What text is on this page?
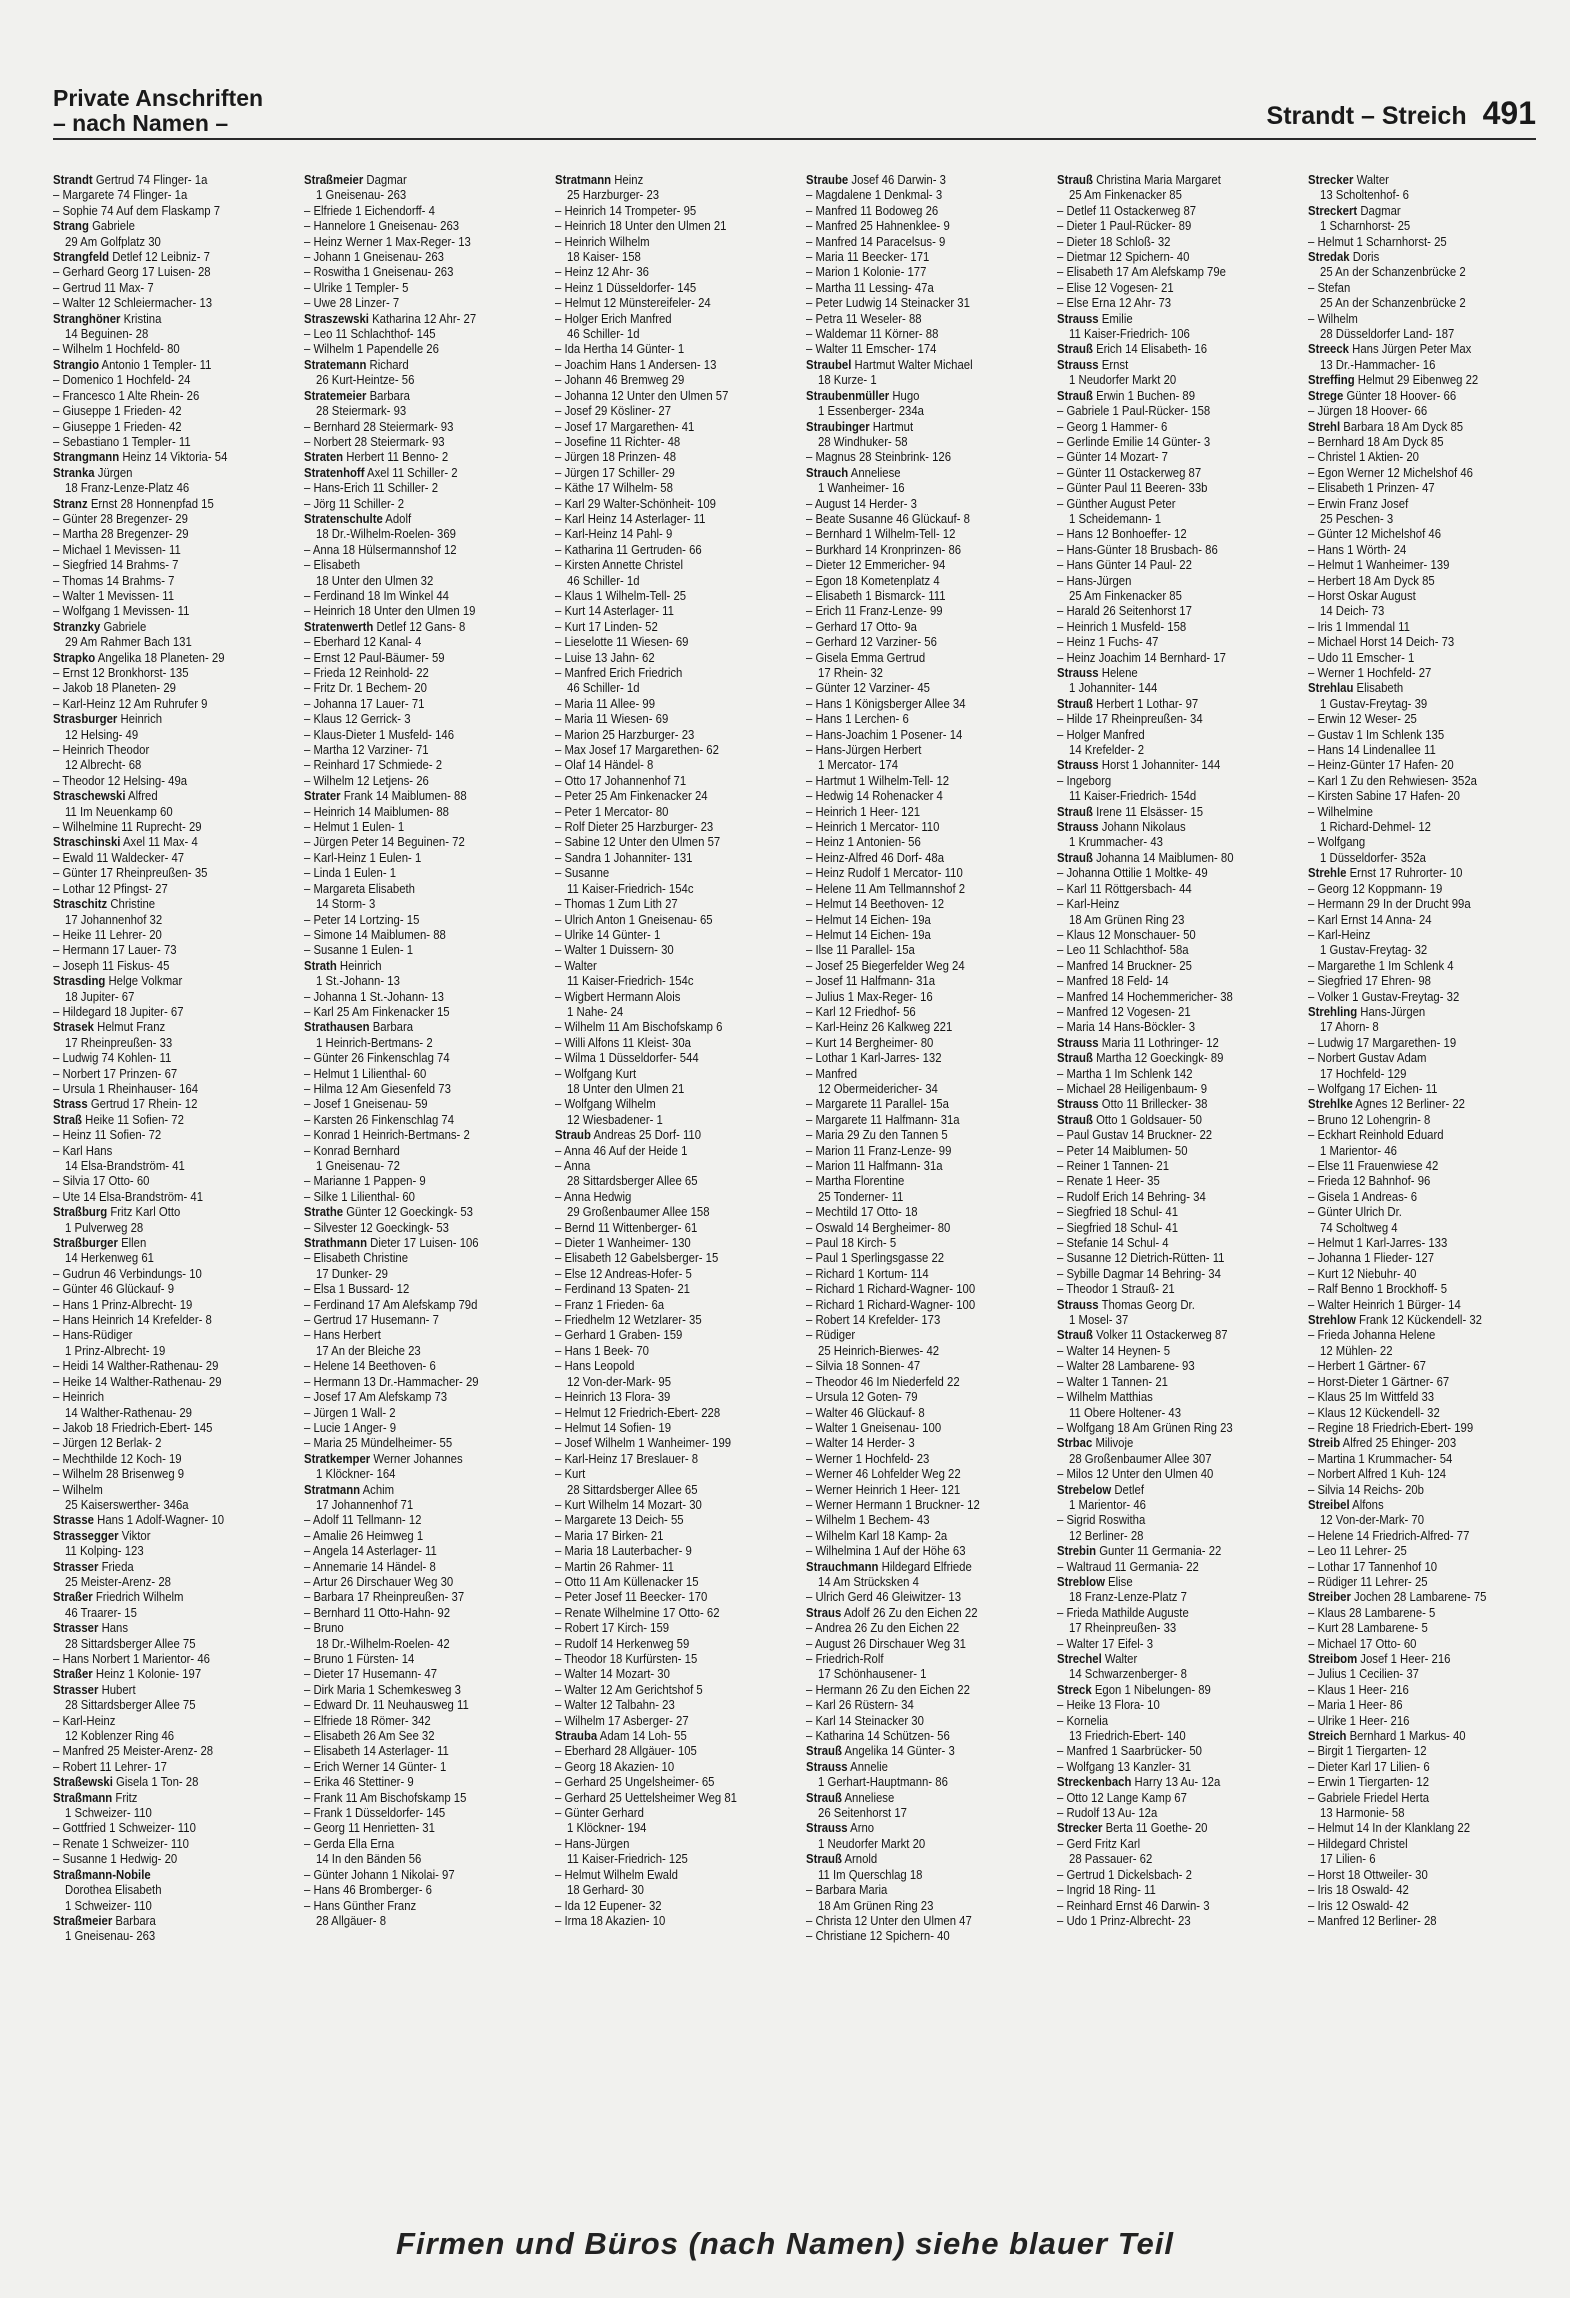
Private Anschriften
– nach Namen –	Strandt – Streich 491
Strandt Gertrud 74 Flinger- 1a
– Margarete 74 Flinger- 1a
– Sophie 74 Auf dem Flaskamp 7
Strang Gabriele
29 Am Golfplatz 30
Strangfeld Detlef 12 Leibniz- 7
– Gerhard Georg 17 Luisen- 28
– Gertrud 11 Max- 7
– Walter 12 Schleiermacher- 13
Stranghöner Kristina
14 Beguinen- 28
– Wilhelm 1 Hochfeld- 80
Strangio Antonio 1 Templer- 11
– Domenico 1 Hochfeld- 24
– Francesco 1 Alte Rhein- 26
– Giuseppe 1 Frieden- 42
– Giuseppe 1 Frieden- 42
– Sebastiano 1 Templer- 11
Strangmann Heinz 14 Viktoria- 54
Stranka Jürgen
18 Franz-Lenze-Platz 46
Stranz Ernst 28 Honnenpfad 15
– Günter 28 Bregenzer- 29
– Martha 28 Bregenzer- 29
– Michael 1 Mevissen- 11
– Siegfried 14 Brahms- 7
– Thomas 14 Brahms- 7
– Walter 1 Mevissen- 11
– Wolfgang 1 Mevissen- 11
Stranzky Gabriele
29 Am Rahmer Bach 131
Strapko Angelika 18 Planeten- 29
– Ernst 12 Bronkhorst- 135
– Jakob 18 Planeten- 29
– Karl-Heinz 12 Am Ruhrufer 9
Strasburger Heinrich
12 Helsing- 49
– Heinrich Theodor
12 Albrecht- 68
– Theodor 12 Helsing- 49a
Straschewski Alfred
11 Im Neuenkamp 60
– Wilhelmine 11 Ruprecht- 29
Straschinski Axel 11 Max- 4
– Ewald 11 Waldecker- 47
– Günter 17 Rheinpreußen- 35
– Lothar 12 Pfingst- 27
Straschitz Christine
17 Johannenhof 32
– Heike 11 Lehrer- 20
– Hermann 17 Lauer- 73
– Joseph 11 Fiskus- 45
Strasding Helge Volkmar
18 Jupiter- 67
– Hildegard 18 Jupiter- 67
Strasek Helmut Franz
17 Rheinpreußen- 33
– Ludwig 74 Kohlen- 11
– Norbert 17 Prinzen- 67
– Ursula 1 Rheinhauser- 164
Strass Gertrud 17 Rhein- 12
Straß Heike 11 Sofien- 72
– Heinz 11 Sofien- 72
– Karl Hans
14 Elsa-Brandström- 41
– Silvia 17 Otto- 60
– Ute 14 Elsa-Brandström- 41
Straßburg Fritz Karl Otto
1 Pulverweg 28
Straßburger Ellen
14 Herkenweg 61
– Gudrun 46 Verbindungs- 10
– Günter 46 Glückauf- 9
– Hans 1 Prinz-Albrecht- 19
– Hans Heinrich 14 Krefelder- 8
– Hans-Rüdiger
1 Prinz-Albrecht- 19
– Heidi 14 Walther-Rathenau- 29
– Heike 14 Walther-Rathenau- 29
– Heinrich
14 Walther-Rathenau- 29
– Jakob 18 Friedrich-Ebert- 145
– Jürgen 12 Berlak- 2
– Mechthilde 12 Koch- 19
– Wilhelm 28 Brisenweg 9
– Wilhelm
25 Kaiserswerther- 346a
Strasse Hans 1 Adolf-Wagner- 10
Strassegger Viktor
11 Kolping- 123
Strasser Frieda
25 Meister-Arenz- 28
Straßer Friedrich Wilhelm
46 Traarer- 15
Strasser Hans
28 Sittardsberger Allee 75
– Hans Norbert 1 Marientor- 46
Straßer Heinz 1 Kolonie- 197
Strasser Hubert
28 Sittardsberger Allee 75
– Karl-Heinz
12 Koblenzer Ring 46
– Manfred 25 Meister-Arenz- 28
– Robert 11 Lehrer- 17
Straßewski Gisela 1 Ton- 28
Straßmann Fritz
1 Schweizer- 110
– Gottfried 1 Schweizer- 110
– Renate 1 Schweizer- 110
– Susanne 1 Hedwig- 20
Straßmann-Nobile
Dorothea Elisabeth
1 Schweizer- 110
Straßmeier Barbara
1 Gneisenau- 263
Straßmeier Dagmar
1 Gneisenau- 263
– Elfriede 1 Eichendorff- 4
– Hannelore 1 Gneisenau- 263
– Heinz Werner 1 Max-Reger- 13
– Johann 1 Gneisenau- 263
– Roswitha 1 Gneisenau- 263
– Ulrike 1 Templer- 5
– Uwe 28 Linzer- 7
Straszewski Katharina 12 Ahr- 27
– Leo 11 Schlachthof- 145
– Wilhelm 1 Papendelle 26
Stratemann Richard
26 Kurt-Heintze- 56
Stratemeier Barbara
28 Steiermark- 93
– Bernhard 28 Steiermark- 93
– Norbert 28 Steiermark- 93
Straten Herbert 11 Benno- 2
Stratenhoff Axel 11 Schiller- 2
– Hans-Erich 11 Schiller- 2
– Jörg 11 Schiller- 2
Stratenschulte Adolf
18 Dr.-Wilhelm-Roelen- 369
– Anna 18 Hülsermannshof 12
– Elisabeth
18 Unter den Ulmen 32
– Ferdinand 18 Im Winkel 44
– Heinrich 18 Unter den Ulmen 19
Stratenwerth Detlef 12 Gans- 8
– Eberhard 12 Kanal- 4
– Ernst 12 Paul-Bäumer- 59
– Frieda 12 Reinhold- 22
– Fritz Dr. 1 Bechem- 20
– Johanna 17 Lauer- 71
– Klaus 12 Gerrick- 3
– Klaus-Dieter 1 Musfeld- 146
– Martha 12 Varziner- 71
– Reinhard 17 Schmiede- 2
– Wilhelm 12 Letjens- 26
Strater Frank 14 Maiblumen- 88
– Heinrich 14 Maiblumen- 88
– Helmut 1 Eulen- 1
– Jürgen Peter 14 Beguinen- 72
– Karl-Heinz 1 Eulen- 1
– Linda 1 Eulen- 1
– Margareta Elisabeth
14 Storm- 3
– Peter 14 Lortzing- 15
– Simone 14 Maiblumen- 88
– Susanne 1 Eulen- 1
Strath Heinrich
1 St.-Johann- 13
– Johanna 1 St.-Johann- 13
– Karl 25 Am Finkenacker 15
Strathausen Barbara
1 Heinrich-Bertmans- 2
– Günter 26 Finkenschlag 74
– Helmut 1 Lilienthal- 60
– Hilma 12 Am Giesenfeld 73
– Josef 1 Gneisenau- 59
– Karsten 26 Finkenschlag 74
– Konrad 1 Heinrich-Bertmans- 2
– Konrad Bernhard
1 Gneisenau- 72
– Marianne 1 Pappen- 9
– Silke 1 Lilienthal- 60
Strathe Günter 12 Goeckingk- 53
– Silvester 12 Goeckingk- 53
Strathmann Dieter 17 Luisen- 106
– Elisabeth Christine
17 Dunker- 29
– Elsa 1 Bussard- 12
– Ferdinand 17 Am Alefskamp 79d
– Gertrud 17 Husemann- 7
– Hans Herbert
17 An der Bleiche 23
– Helene 14 Beethoven- 6
– Hermann 13 Dr.-Hammacher- 29
– Josef 17 Am Alefskamp 73
– Jürgen 1 Wall- 2
– Lucie 1 Anger- 9
– Maria 25 Mündelheimer- 55
Stratkemper Werner Johannes
1 Klöckner- 164
Stratmann Achim
17 Johannenhof 71
– Adolf 11 Tellmann- 12
– Amalie 26 Heimweg 1
– Angela 14 Asterlager- 11
– Annemarie 14 Händel- 8
– Artur 26 Dirschauer Weg 30
– Barbara 17 Rheinpreußen- 37
– Bernhard 11 Otto-Hahn- 92
– Bruno
18 Dr.-Wilhelm-Roelen- 42
– Bruno 1 Fürsten- 14
– Dieter 17 Husemann- 47
– Dirk Maria 1 Schemkesweg 3
– Edward Dr. 11 Neuhausweg 11
– Elfriede 18 Römer- 342
– Elisabeth 26 Am See 32
– Elisabeth 14 Asterlager- 11
– Erich Werner 14 Günter- 1
– Erika 46 Stettiner- 9
– Frank 11 Am Bischofskamp 15
– Frank 1 Düsseldorfer- 145
– Georg 11 Henrietten- 31
– Gerda Ella Erna
14 In den Bänden 56
– Günter Johann 1 Nikolai- 97
– Hans 46 Bromberger- 6
– Hans Günther Franz
28 Allgäuer- 8
Stratmann Heinz
25 Harzburger- 23
– Heinrich 14 Trompeter- 95
– Heinrich 18 Unter den Ulmen 21
– Heinrich Wilhelm
18 Kaiser- 158
– Heinz 12 Ahr- 36
– Heinz 1 Düsseldorfer- 145
– Helmut 12 Münstereifeler- 24
– Holger Erich Manfred
46 Schiller- 1d
– Ida Hertha 14 Günter- 1
– Joachim Hans 1 Andersen- 13
– Johann 46 Bremweg 29
– Johanna 12 Unter den Ulmen 57
– Josef 29 Kösliner- 27
– Josef 17 Margarethen- 41
– Josefine 11 Richter- 48
– Jürgen 18 Prinzen- 48
– Jürgen 17 Schiller- 29
– Käthe 17 Wilhelm- 58
– Karl 29 Walter-Schönheit- 109
– Karl Heinz 14 Asterlager- 11
– Karl-Heinz 14 Pahl- 9
– Katharina 11 Gertruden- 66
– Kirsten Annette Christel
46 Schiller- 1d
– Klaus 1 Wilhelm-Tell- 25
– Kurt 14 Asterlager- 11
– Kurt 17 Linden- 52
– Lieselotte 11 Wiesen- 69
– Luise 13 Jahn- 62
– Manfred Erich Friedrich
46 Schiller- 1d
– Maria 11 Allee- 99
– Maria 11 Wiesen- 69
– Marion 25 Harzburger- 23
– Max Josef 17 Margarethen- 62
– Olaf 14 Händel- 8
– Otto 17 Johannenhof 71
– Peter 25 Am Finkenacker 24
– Peter 1 Mercator- 80
– Rolf Dieter 25 Harzburger- 23
– Sabine 12 Unter den Ulmen 57
– Sandra 1 Johanniter- 131
– Susanne
11 Kaiser-Friedrich- 154c
– Thomas 1 Zum Lith 27
– Ulrich Anton 1 Gneisenau- 65
– Ulrike 14 Günter- 1
– Walter 1 Duissern- 30
– Walter
11 Kaiser-Friedrich- 154c
– Wigbert Hermann Alois
1 Nahe- 24
– Wilhelm 11 Am Bischofskamp 6
– Willi Alfons 11 Kleist- 30a
– Wilma 1 Düsseldorfer- 544
– Wolfgang Kurt
18 Unter den Ulmen 21
– Wolfgang Wilhelm
12 Wiesbadener- 1
Straub Andreas 25 Dorf- 110
– Anna 46 Auf der Heide 1
– Anna
28 Sittardsberger Allee 65
– Anna Hedwig
29 Großenbaumer Allee 158
– Bernd 11 Wittenberger- 61
– Dieter 1 Wanheimer- 130
– Elisabeth 12 Gabelsberger- 15
– Else 12 Andreas-Hofer- 5
– Ferdinand 13 Spaten- 21
– Franz 1 Frieden- 6a
– Friedhelm 12 Wetzlarer- 35
– Gerhard 1 Graben- 159
– Hans 1 Beek- 70
– Hans Leopold
12 Von-der-Mark- 95
– Heinrich 13 Flora- 39
– Helmut 12 Friedrich-Ebert- 228
– Helmut 14 Sofien- 19
– Josef Wilhelm 1 Wanheimer- 199
– Karl-Heinz 17 Breslauer- 8
– Kurt
28 Sittardsberger Allee 65
– Kurt Wilhelm 14 Mozart- 30
– Margarete 13 Deich- 55
– Maria 17 Birken- 21
– Maria 18 Lauterbacher- 9
– Martin 26 Rahmer- 11
– Otto 11 Am Küllenacker 15
– Peter Josef 11 Beecker- 170
– Renate Wilhelmine 17 Otto- 62
– Robert 17 Kirch- 159
– Rudolf 14 Herkenweg 59
– Theodor 18 Kurfürsten- 15
– Walter 14 Mozart- 30
– Walter 12 Am Gerichtshof 5
– Walter 12 Talbahn- 23
– Wilhelm 17 Asberger- 27
Strauba Adam 14 Loh- 55
– Eberhard 28 Allgäuer- 105
– Georg 18 Akazien- 10
– Gerhard 25 Ungelsheimer- 65
– Gerhard 25 Uettelsheimer Weg 81
– Günter Gerhard
1 Klöckner- 194
– Hans-Jürgen
11 Kaiser-Friedrich- 125
– Helmut Wilhelm Ewald
18 Gerhard- 30
– Ida 12 Eupener- 32
– Irma 18 Akazien- 10
Straube Josef 46 Darwin- 3
– Magdalene 1 Denkmal- 3
– Manfred 11 Bodoweg 26
– Manfred 25 Hahnenklee- 9
– Manfred 14 Paracelsus- 9
– Maria 11 Beecker- 171
– Marion 1 Kolonie- 177
– Martha 11 Lessing- 47a
– Peter Ludwig 14 Steinacker 31
– Petra 11 Weseler- 88
– Waldemar 11 Körner- 88
– Walter 11 Emscher- 174
Straubel Hartmut Walter Michael
18 Kurze- 1
Straubenmüller Hugo
1 Essenberger- 234a
Straubinger Hartmut
28 Windhuker- 58
– Magnus 28 Steinbrink- 126
Strauch Anneliese
1 Wanheimer- 16
– August 14 Herder- 3
– Beate Susanne 46 Glückauf- 8
– Bernhard 1 Wilhelm-Tell- 12
– Burkhard 14 Kronprinzen- 86
– Dieter 12 Emmericher- 94
– Egon 18 Kometenplatz 4
– Elisabeth 1 Bismarck- 111
– Erich 11 Franz-Lenze- 99
– Gerhard 17 Otto- 9a
– Gerhard 12 Varziner- 56
– Gisela Emma Gertrud
17 Rhein- 32
– Günter 12 Varziner- 45
– Hans 1 Königsberger Allee 34
– Hans 1 Lerchen- 6
– Hans-Joachim 1 Posener- 14
– Hans-Jürgen Herbert
1 Mercator- 174
– Hartmut 1 Wilhelm-Tell- 12
– Hedwig 14 Rohenacker 4
– Heinrich 1 Heer- 121
– Heinrich 1 Mercator- 110
– Heinz 1 Antonien- 56
– Heinz-Alfred 46 Dorf- 48a
– Heinz Rudolf 1 Mercator- 110
– Helene 11 Am Tellmannshof 2
– Helmut 14 Beethoven- 12
– Helmut 14 Eichen- 19a
– Helmut 14 Eichen- 19a
– Ilse 11 Parallel- 15a
– Josef 25 Biegerfelder Weg 24
– Josef 11 Halfmann- 31a
– Julius 1 Max-Reger- 16
– Karl 12 Friedhof- 56
– Karl-Heinz 26 Kalkweg 221
– Kurt 14 Bergheimer- 80
– Lothar 1 Karl-Jarres- 132
– Manfred
12 Obermeidericher- 34
– Margarete 11 Parallel- 15a
– Margarete 11 Halfmann- 31a
– Maria 29 Zu den Tannen 5
– Marion 11 Franz-Lenze- 99
– Marion 11 Halfmann- 31a
– Martha Florentine
25 Tonderner- 11
– Mechtild 17 Otto- 18
– Oswald 14 Bergheimer- 80
– Paul 18 Kirch- 5
– Paul 1 Sperlingsgasse 22
– Richard 1 Kortum- 114
– Richard 1 Richard-Wagner- 100
– Richard 1 Richard-Wagner- 100
– Robert 14 Krefelder- 173
– Rüdiger
25 Heinrich-Bierwes- 42
– Silvia 18 Sonnen- 47
– Theodor 46 Im Niederfeld 22
– Ursula 12 Goten- 79
– Walter 46 Glückauf- 8
– Walter 1 Gneisenau- 100
– Walter 14 Herder- 3
– Werner 1 Hochfeld- 23
– Werner 46 Lohfelder Weg 22
– Werner Heinrich 1 Heer- 121
– Werner Hermann 1 Bruckner- 12
– Wilhelm 1 Bechem- 43
– Wilhelm Karl 18 Kamp- 2a
– Wilhelmina 1 Auf der Höhe 63
Strauchmann Hildegard Elfriede
14 Am Strücksken 4
– Ulrich Gerd 46 Gleiwitzer- 13
Straus Adolf 26 Zu den Eichen 22
– Andrea 26 Zu den Eichen 22
– August 26 Dirschauer Weg 31
– Friedrich-Rolf
17 Schönhausener- 1
– Hermann 26 Zu den Eichen 22
– Karl 26 Rüstern- 34
– Karl 14 Steinacker 30
– Katharina 14 Schützen- 56
Strauß Angelika 14 Günter- 3
Strauss Annelie
1 Gerhart-Hauptmann- 86
Strauß Anneliese
26 Seitenhorst 17
Strauss Arno
1 Neudorfer Markt 20
Strauß Arnold
11 Im Querschlag 18
– Barbara Maria
18 Am Grünen Ring 23
– Christa 12 Unter den Ulmen 47
– Christiane 12 Spichern- 40
Strauß Christina Maria Margaret
25 Am Finkenacker 85
– Detlef 11 Ostackerweg 87
– Dieter 1 Paul-Rücker- 89
– Dieter 18 Schloß- 32
– Dietmar 12 Spichern- 40
– Elisabeth 17 Am Alefskamp 79e
– Elise 12 Vogesen- 21
– Else Erna 12 Ahr- 73
Strauss Emilie
11 Kaiser-Friedrich- 106
Strauß Erich 14 Elisabeth- 16
Strauss Ernst
1 Neudorfer Markt 20
Strauß Erwin 1 Buchen- 89
– Gabriele 1 Paul-Rücker- 158
– Georg 1 Hammer- 6
– Gerlinde Emilie 14 Günter- 3
– Günter 14 Mozart- 7
– Günter 11 Ostackerweg 87
– Günter Paul 11 Beeren- 33b
– Günther August Peter
1 Scheidemann- 1
– Hans 12 Bonhoeffer- 12
– Hans-Günter 18 Brusbach- 86
– Hans Günter 14 Paul- 22
– Hans-Jürgen
25 Am Finkenacker 85
– Harald 26 Seitenhorst 17
– Heinrich 1 Musfeld- 158
– Heinz 1 Fuchs- 47
– Heinz Joachim 14 Bernhard- 17
Strauss Helene
1 Johanniter- 144
Strauß Herbert 1 Lothar- 97
– Hilde 17 Rheinpreußen- 34
– Holger Manfred
14 Krefelder- 2
Strauss Horst 1 Johanniter- 144
– Ingeborg
11 Kaiser-Friedrich- 154d
Strauß Irene 11 Elsässer- 15
Strauss Johann Nikolaus
1 Krummacher- 43
Strauß Johanna 14 Maiblumen- 80
– Johanna Ottilie 1 Moltke- 49
– Karl 11 Röttgersbach- 44
– Karl-Heinz
18 Am Grünen Ring 23
– Klaus 12 Monschauer- 50
– Leo 11 Schlachthof- 58a
– Manfred 14 Bruckner- 25
– Manfred 18 Feld- 14
– Manfred 14 Hochemmericher- 38
– Manfred 12 Vogesen- 21
– Maria 14 Hans-Böckler- 3
Strauss Maria 11 Lothringer- 12
Strauß Martha 12 Goeckingk- 89
– Martha 1 Im Schlenk 142
– Michael 28 Heiligenbaum- 9
Strauss Otto 11 Brillecker- 38
Strauß Otto 1 Goldsauer- 50
– Paul Gustav 14 Bruckner- 22
– Peter 14 Maiblumen- 50
– Reiner 1 Tannen- 21
– Renate 1 Heer- 35
– Rudolf Erich 14 Behring- 34
– Siegfried 18 Schul- 41
– Siegfried 18 Schul- 41
– Stefanie 14 Schul- 4
– Susanne 12 Dietrich-Rütten- 11
– Sybille Dagmar 14 Behring- 34
– Theodor 1 Strauß- 21
Strauss Thomas Georg Dr.
1 Mosel- 37
Strauß Volker 11 Ostackerweg 87
– Walter 14 Heynen- 5
– Walter 28 Lambarene- 93
– Walter 1 Tannen- 21
– Wilhelm Matthias
11 Obere Holtener- 43
– Wolfgang 18 Am Grünen Ring 23
Strbac Milivoje
28 Großenbaumer Allee 307
– Milos 12 Unter den Ulmen 40
Strebelow Detlef
1 Marientor- 46
– Sigrid Roswitha
12 Berliner- 28
Strebin Gunter 11 Germania- 22
– Waltraud 11 Germania- 22
Streblow Elise
18 Franz-Lenze-Platz 7
– Frieda Mathilde Auguste
17 Rheinpreußen- 33
– Walter 17 Eifel- 3
Strechel Walter
14 Schwarzenberger- 8
Streck Egon 1 Nibelungen- 89
– Heike 13 Flora- 10
– Kornelia
13 Friedrich-Ebert- 140
– Manfred 1 Saarbrücker- 50
– Wolfgang 13 Kanzler- 31
Streckenbach Harry 13 Au- 12a
– Otto 12 Lange Kamp 67
– Rudolf 13 Au- 12a
Strecker Berta 11 Goethe- 20
– Gerd Fritz Karl
28 Passauer- 62
– Gertrud 1 Dickelsbach- 2
– Ingrid 18 Ring- 11
– Reinhard Ernst 46 Darwin- 3
– Udo 1 Prinz-Albrecht- 23
Strecker Walter
13 Scholtenhof- 6
Streckert Dagmar
1 Scharnhorst- 25
– Helmut 1 Scharnhorst- 25
Stredak Doris
25 An der Schanzenbrücke 2
– Stefan
25 An der Schanzenbrücke 2
– Wilhelm
28 Düsseldorfer Land- 187
Streeck Hans Jürgen Peter Max
13 Dr.-Hammacher- 16
Streffing Helmut 29 Eibenweg 22
Strege Günter 18 Hoover- 66
– Jürgen 18 Hoover- 66
Strehl Barbara 18 Am Dyck 85
– Bernhard 18 Am Dyck 85
– Christel 1 Aktien- 20
– Egon Werner 12 Michelshof 46
– Elisabeth 1 Prinzen- 47
– Erwin Franz Josef
25 Peschen- 3
– Günter 12 Michelshof 46
– Hans 1 Wörth- 24
– Helmut 1 Wanheimer- 139
– Herbert 18 Am Dyck 85
– Horst Oskar August
14 Deich- 73
– Iris 1 Immendal 11
– Michael Horst 14 Deich- 73
– Udo 11 Emscher- 1
– Werner 1 Hochfeld- 27
Strehlau Elisabeth
1 Gustav-Freytag- 39
– Erwin 12 Weser- 25
– Gustav 1 Im Schlenk 135
– Hans 14 Lindenallee 11
– Heinz-Günter 17 Hafen- 20
– Karl 1 Zu den Rehwiesen- 352a
– Kirsten Sabine 17 Hafen- 20
– Wilhelmine
1 Richard-Dehmel- 12
– Wolfgang
1 Düsseldorfer- 352a
Strehle Ernst 17 Ruhrorter- 10
– Georg 12 Koppmann- 19
– Hermann 29 In der Drucht 99a
– Karl Ernst 14 Anna- 24
– Karl-Heinz
1 Gustav-Freytag- 32
– Margarethe 1 Im Schlenk 4
– Siegfried 17 Ehren- 98
– Volker 1 Gustav-Freytag- 32
Strehling Hans-Jürgen
17 Ahorn- 8
– Ludwig 17 Margarethen- 19
– Norbert Gustav Adam
17 Hochfeld- 129
– Wolfgang 17 Eichen- 11
Strehlke Agnes 12 Berliner- 22
– Bruno 12 Lohengrin- 8
– Eckhart Reinhold Eduard
1 Marientor- 46
– Else 11 Frauenwiese 42
– Frieda 12 Bahnhof- 96
– Gisela 1 Andreas- 6
– Günter Ulrich Dr.
74 Scholtweg 4
– Helmut 1 Karl-Jarres- 133
– Johanna 1 Flieder- 127
– Kurt 12 Niebuhr- 40
– Ralf Benno 1 Brockhoff- 5
– Walter Heinrich 1 Bürger- 14
Strehlow Frank 12 Kückendell- 32
– Frieda Johanna Helene
12 Mühlen- 22
– Herbert 1 Gärtner- 67
– Horst-Dieter 1 Gärtner- 67
– Klaus 25 Im Wittfeld 33
– Klaus 12 Kückendell- 32
– Regine 18 Friedrich-Ebert- 199
Streib Alfred 25 Ehinger- 203
– Martina 1 Krummacher- 54
– Norbert Alfred 1 Kuh- 124
– Silvia 14 Reichs- 20b
Streibel Alfons
12 Von-der-Mark- 70
– Helene 14 Friedrich-Alfred- 77
– Leo 11 Lehrer- 25
– Lothar 17 Tannenhof 10
– Rüdiger 11 Lehrer- 25
Streiber Jochen 28 Lambarene- 75
– Klaus 28 Lambarene- 5
– Kurt 28 Lambarene- 5
– Michael 17 Otto- 60
Streibom Josef 1 Heer- 216
– Julius 1 Cecilien- 37
– Klaus 1 Heer- 216
– Maria 1 Heer- 86
– Ulrike 1 Heer- 216
Streich Bernhard 1 Markus- 40
– Birgit 1 Tiergarten- 12
– Dieter Karl 17 Lilien- 6
– Erwin 1 Tiergarten- 12
– Gabriele Friedel Herta
13 Harmonie- 58
– Helmut 14 In der Klanklang 22
– Hildegard Christel
17 Lilien- 6
– Horst 18 Ottweiler- 30
– Iris 18 Oswald- 42
– Iris 12 Oswald- 42
– Manfred 12 Berliner- 28
Firmen und Büros (nach Namen) siehe blauer Teil
